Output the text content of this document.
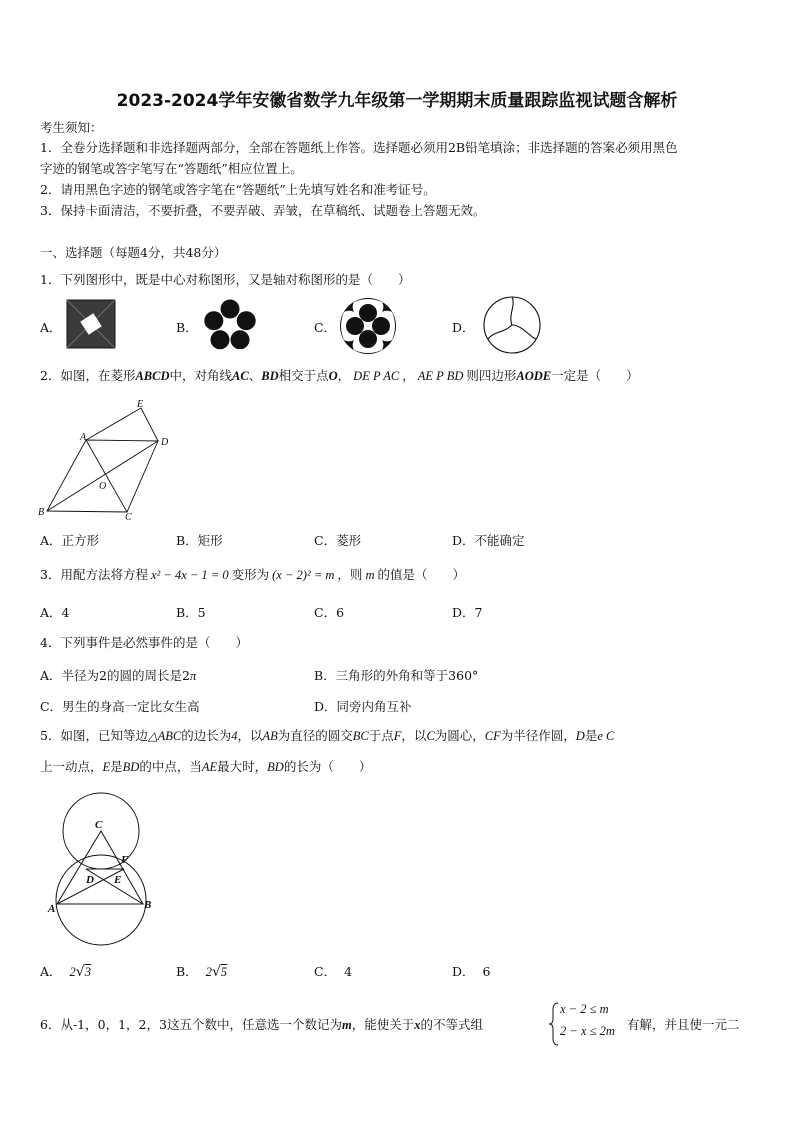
2023-2024学年安徽省数学九年级第一学期期末质量跟踪监视试题含解析
考生须知：
1．全卷分选择题和非选择题两部分，全部在答题纸上作答。选择题必须用2B铅笔填涂；非选择题的答案必须用黑色
字迹的钢笔或答字笔写在“答题纸”相应位置上。
2．请用黑色字迹的钢笔或答字笔在“答题纸”上先填写姓名和准考证号。
3．保持卡面清洁，不要折叠，不要弄破、弄皱，在草稿纸、试题卷上答题无效。
一、选择题（每题4分，共48分）
1．下列图形中，既是中心对称图形，又是轴对称图形的是（　　）
A．	B．	C．	D．
2．如图，在菱形ABCD中，对角线AC、BD相交于点O， DE P AC ， AE P BD 则四边形AODE一定是（　　）
E
A	D
O
B	C
A．正方形	B．矩形	C．菱形	D．不能确定
3．用配方法将方程 x² − 4x − 1 = 0 变形为 (x − 2)² = m ，则 m 的值是（　　）
A．4	B．5	C．6	D．7
4．下列事件是必然事件的是（　　）
A．半径为2的圆的周长是2π	B．三角形的外角和等于360°
C．男生的身高一定比女生高	D．同旁内角互补
5．如图，已知等边△ABC的边长为4，以AB为直径的圆交BC于点F，以C为圆心，CF为半径作圆，D是e C
上一动点，E是BD的中点，当AE最大时，BD的长为（　　）
C
F
D E
A	B
A． 2√3	B． 2√5	C． 4	D． 6
6．从-1，0，1，2，3这五个数中，任意选一个数记为m，能使关于x的不等式组
x − 2 ≤ m
2 − x ≤ 2m 有解，并且使一元二
